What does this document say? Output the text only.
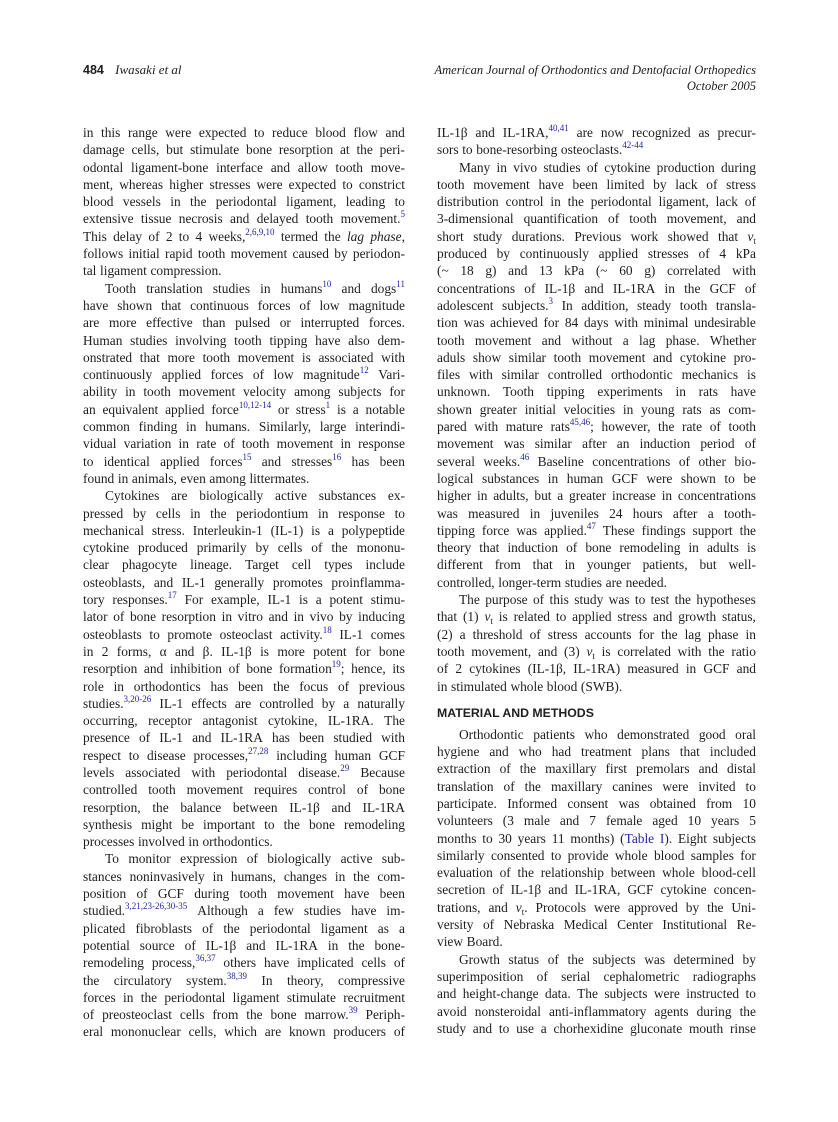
484 Iwasaki et al	American Journal of Orthodontics and Dentofacial Orthopedics
October 2005
in this range were expected to reduce blood flow and
damage cells, but stimulate bone resorption at the peri-
odontal ligament-bone interface and allow tooth move-
ment, whereas higher stresses were expected to constrict
blood vessels in the periodontal ligament, leading to
extensive tissue necrosis and delayed tooth movement.$^5$
This delay of 2 to 4 weeks,$^{2,6,9,10}$ termed the lag phase,
follows initial rapid tooth movement caused by periodon-
tal ligament compression.
Tooth translation studies in humans$^{10}$ and dogs$^{11}$
have shown that continuous forces of low magnitude
are more effective than pulsed or interrupted forces.
Human studies involving tooth tipping have also dem-
onstrated that more tooth movement is associated with
continuously applied forces of low magnitude$^{12}$ Vari-
ability in tooth movement velocity among subjects for
an equivalent applied force$^{10,12-14}$ or stress$^1$ is a notable
common finding in humans. Similarly, large interindi-
vidual variation in rate of tooth movement in response
to identical applied forces$^{15}$ and stresses$^{16}$ has been
found in animals, even among littermates.
Cytokines are biologically active substances ex-
pressed by cells in the periodontium in response to
mechanical stress. Interleukin-1 (IL-1) is a polypeptide
cytokine produced primarily by cells of the mononu-
clear phagocyte lineage. Target cell types include
osteoblasts, and IL-1 generally promotes proinflamma-
tory responses.$^{17}$ For example, IL-1 is a potent stimu-
lator of bone resorption in vitro and in vivo by inducing
osteoblasts to promote osteoclast activity.$^{18}$ IL-1 comes
in 2 forms, α and β. IL-1β is more potent for bone
resorption and inhibition of bone formation$^{19}$; hence, its
role in orthodontics has been the focus of previous
studies.$^{3,20-26}$ IL-1 effects are controlled by a naturally
occurring, receptor antagonist cytokine, IL-1RA. The
presence of IL-1 and IL-1RA has been studied with
respect to disease processes,$^{27,28}$ including human GCF
levels associated with periodontal disease.$^{29}$ Because
controlled tooth movement requires control of bone
resorption, the balance between IL-1β and IL-1RA
synthesis might be important to the bone remodeling
processes involved in orthodontics.
To monitor expression of biologically active sub-
stances noninvasively in humans, changes in the com-
position of GCF during tooth movement have been
studied.$^{3,21,23-26,30-35}$ Although a few studies have im-
plicated fibroblasts of the periodontal ligament as a
potential source of IL-1β and IL-1RA in the bone-
remodeling process,$^{36,37}$ others have implicated cells of
the circulatory system.$^{38,39}$ In theory, compressive
forces in the periodontal ligament stimulate recruitment
of preosteoclast cells from the bone marrow.$^{39}$ Periph-
eral mononuclear cells, which are known producers of
IL-1β and IL-1RA,$^{40,41}$ are now recognized as precur-
sors to bone-resorbing osteoclasts.$^{42-44}$
Many in vivo studies of cytokine production during
tooth movement have been limited by lack of stress
distribution control in the periodontal ligament, lack of
3-dimensional quantification of tooth movement, and
short study durations. Previous work showed that $v_t$
produced by continuously applied stresses of 4 kPa
(~ 18 g) and 13 kPa (~ 60 g) correlated with
concentrations of IL-1β and IL-1RA in the GCF of
adolescent subjects.$^3$ In addition, steady tooth transla-
tion was achieved for 84 days with minimal undesirable
tooth movement and without a lag phase. Whether
aduls show similar tooth movement and cytokine pro-
files with similar controlled orthodontic mechanics is
unknown. Tooth tipping experiments in rats have
shown greater initial velocities in young rats as com-
pared with mature rats$^{45,46}$; however, the rate of tooth
movement was similar after an induction period of
several weeks.$^{46}$ Baseline concentrations of other bio-
logical substances in human GCF were shown to be
higher in adults, but a greater increase in concentrations
was measured in juveniles 24 hours after a tooth-
tipping force was applied.$^{47}$ These findings support the
theory that induction of bone remodeling in adults is
different from that in younger patients, but well-
controlled, longer-term studies are needed.
The purpose of this study was to test the hypotheses
that (1) $v_t$ is related to applied stress and growth status,
(2) a threshold of stress accounts for the lag phase in
tooth movement, and (3) $v_t$ is correlated with the ratio
of 2 cytokines (IL-1β, IL-1RA) measured in GCF and
in stimulated whole blood (SWB).
MATERIAL AND METHODS
Orthodontic patients who demonstrated good oral
hygiene and who had treatment plans that included
extraction of the maxillary first premolars and distal
translation of the maxillary canines were invited to
participate. Informed consent was obtained from 10
volunteers (3 male and 7 female aged 10 years 5
months to 30 years 11 months) (Table I). Eight subjects
similarly consented to provide whole blood samples for
evaluation of the relationship between whole blood-cell
secretion of IL-1β and IL-1RA, GCF cytokine concen-
trations, and $v_t$. Protocols were approved by the Uni-
versity of Nebraska Medical Center Institutional Re-
view Board.
Growth status of the subjects was determined by
superimposition of serial cephalometric radiographs
and height-change data. The subjects were instructed to
avoid nonsteroidal anti-inflammatory agents during the
study and to use a chorhexidine gluconate mouth rinse
